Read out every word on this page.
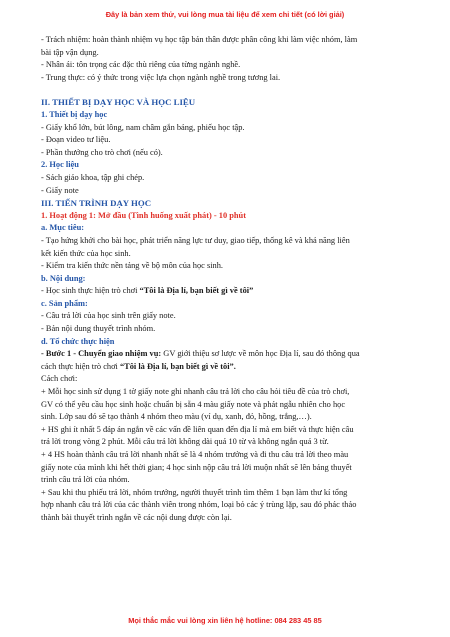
Đây là bản xem thử, vui lòng mua tài liệu để xem chi tiết (có lời giải)

- Trách nhiệm: hoàn thành nhiệm vụ học tập bản thân được phân công khi làm việc nhóm, làm

bài tập vận dụng.

- Nhân ái: tôn trọng các đặc thù riêng của từng ngành nghề.

- Trung thực: có ý thức trong việc lựa chọn ngành nghề trong tương lai.

II. THIẾT BỊ DẠY HỌC VÀ HỌC LIỆU

1. Thiết bị dạy học

- Giấy khổ lớn, bút lông, nam châm gắn bảng, phiếu học tập.

- Đoạn video tư liệu.

- Phần thưởng cho trò chơi (nếu có).

2. Học liệu

- Sách giáo khoa, tập ghi chép.

- Giấy note

III. TIẾN TRÌNH DẠY HỌC

1. Hoạt động 1: Mở đầu (Tình huống xuất phát) - 10 phút

a. Mục tiêu:

- Tạo hứng khởi cho bài học, phát triển năng lực tư duy, giao tiếp, thống kê và khả năng liên

kết kiến thức của học sinh.

- Kiểm tra kiến thức nền tảng về bộ môn của học sinh.

b. Nội dung:

- Học sinh thực hiện trò chơi “Tôi là Địa lí, bạn biết gì về tôi”

c. Sản phẩm:

- Câu trả lời của học sinh trên giấy note.

- Bản nội dung thuyết trình nhóm.

d. Tổ chức thực hiện

- Bước 1 - Chuyển giao nhiệm vụ: GV giới thiệu sơ lược về môn học Địa lí, sau đó thông qua

cách thực hiện trò chơi “Tôi là Địa lí, bạn biết gì về tôi”.

Cách chơi:

+ Mỗi học sinh sử dụng 1 tờ giấy note ghi nhanh câu trả lời cho câu hỏi tiêu đề của trò chơi,

GV có thể yêu cầu học sinh hoặc chuẩn bị sẵn 4 màu giấy note và phát ngẫu nhiên cho học

sinh. Lớp sau đó sẽ tạo thành 4 nhóm theo màu (ví dụ, xanh, đỏ, hồng, trắng,…).

+ HS ghi ít nhất 5 đáp án ngắn về các vấn đề liên quan đến địa lí mà em biết và thực hiện câu

trả lời trong vòng 2 phút. Mỗi câu trả lời không dài quá 10 từ và không ngắn quá 3 từ.

+ 4 HS hoàn thành câu trả lời nhanh nhất sẽ là 4 nhóm trưởng và đi thu câu trả lời theo màu

giấy note của mình khi hết thời gian; 4 học sinh nộp câu trả lời muộn nhất sẽ lên bảng thuyết

trình câu trả lời của nhóm.

+ Sau khi thu phiếu trả lời, nhóm trưởng, người thuyết trình tìm thêm 1 bạn làm thư kí tổng

hợp nhanh câu trả lời của các thành viên trong nhóm, loại bỏ các ý trùng lặp, sau đó phác thảo

thành bài thuyết trình ngắn về các nội dung được còn lại.

Mọi thắc mắc vui lòng xin liên hệ hotline: 084 283 45 85
